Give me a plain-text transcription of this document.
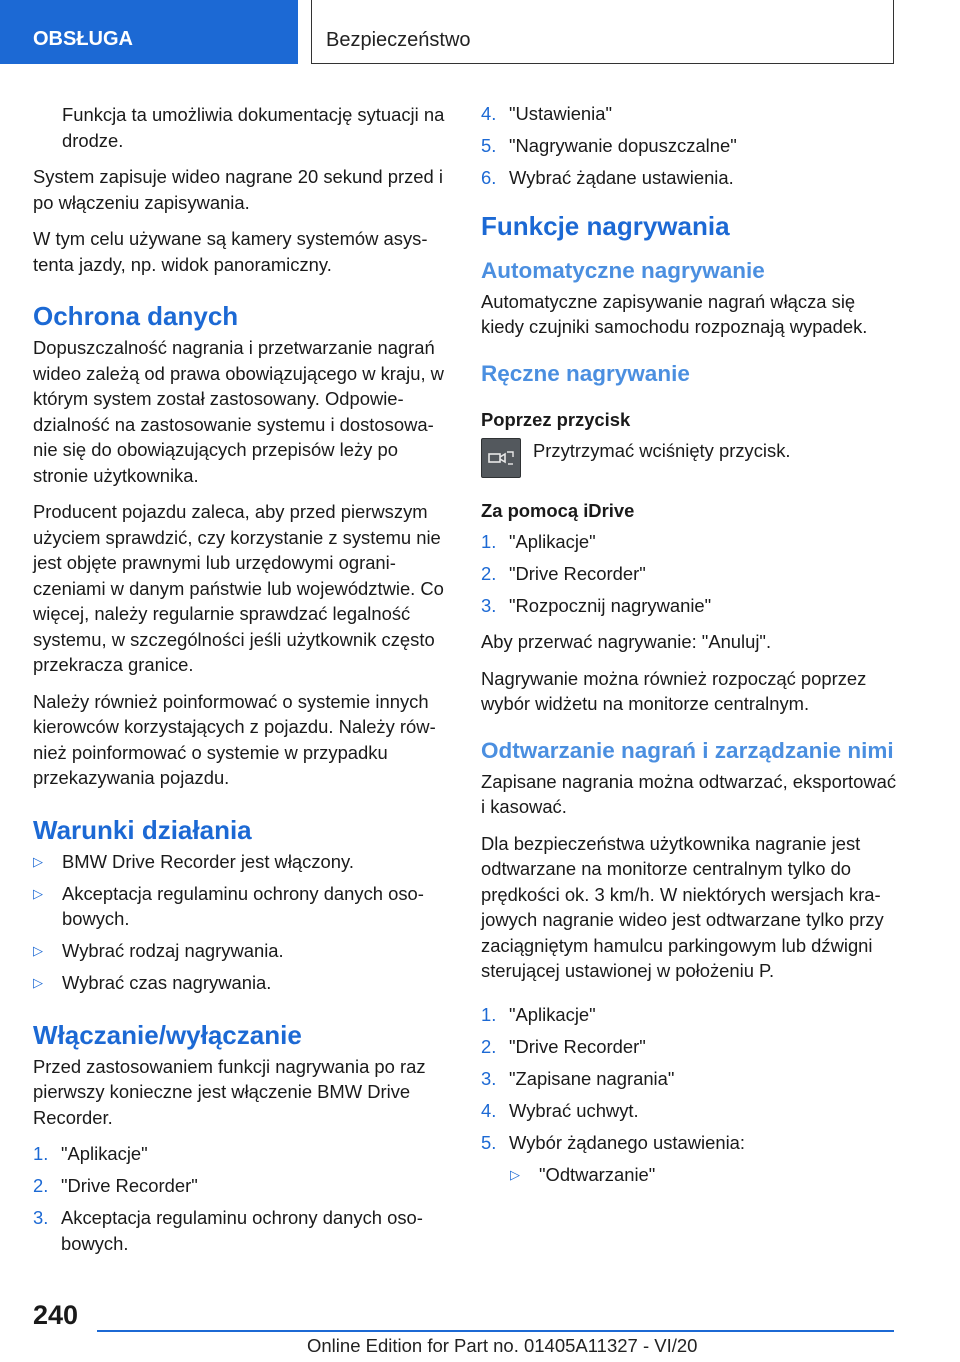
OBSŁUGA	Bezpieczeństwo

Funkcja ta umożliwia dokumentację sytuacji na drodze.

System zapisuje wideo nagrane 20 sekund przed i po włączeniu zapisywania.

W tym celu używane są kamery systemów asystenta jazdy, np. widok panoramiczny.

Ochrona danych

Dopuszczalność nagrania i przetwarzanie nagrań wideo zależą od prawa obowiązującego w kraju, w którym system został zastosowany. Odpowiedzialność na zastosowanie systemu i dostosowanie się do obowiązujących przepisów leży po stronie użytkownika.

Producent pojazdu zaleca, aby przed pierwszym użyciem sprawdzić, czy korzystanie z systemu nie jest objęte prawnymi lub urzędowymi ograniczeniami w danym państwie lub województwie. Co więcej, należy regularnie sprawdzać legalność systemu, w szczególności jeśli użytkownik często przekracza granice.

Należy również poinformować o systemie innych kierowców korzystających z pojazdu. Należy również poinformować o systemie w przypadku przekazywania pojazdu.

Warunki działania
▷	BMW Drive Recorder jest włączony.
▷	Akceptacja regulaminu ochrony danych osobowych.
▷	Wybrać rodzaj nagrywania.
▷	Wybrać czas nagrywania.
Włączanie/wyłączanie

Przed zastosowaniem funkcji nagrywania po raz pierwszy konieczne jest włączenie BMW Drive Recorder.

1. "Aplikacje"
2. "Drive Recorder"
3. Akceptacja regulaminu ochrony danych osobowych.
4. "Ustawienia"
5. "Nagrywanie dopuszczalne"
6. Wybrać żądane ustawienia.
Funkcje nagrywania
Automatyczne nagrywanie

Automatyczne zapisywanie nagrań włącza się kiedy czujniki samochodu rozpoznają wypadek.

Ręczne nagrywanie
Poprzez przycisk
Przytrzymać wciśnięty przycisk.
Za pomocą iDrive
1. "Aplikacje"
2. "Drive Recorder"
3. "Rozpocznij nagrywanie"

Aby przerwać nagrywanie: "Anuluj".

Nagrywanie można również rozpocząć poprzez wybór widżetu na monitorze centralnym.

Odtwarzanie nagrań i zarządzanie nimi

Zapisane nagrania można odtwarzać, eksportować i kasować.

Dla bezpieczeństwa użytkownika nagranie jest odtwarzane na monitorze centralnym tylko do prędkości ok. 3 km/h. W niektórych wersjach krajowych nagranie wideo jest odtwarzane tylko przy zaciągniętym hamulcu parkingowym lub dźwigni sterującej ustawionej w położeniu P.

1. "Aplikacje"
2. "Drive Recorder"
3. "Zapisane nagrania"
4. Wybrać uchwyt.
5. Wybór żądanego ustawienia:
▷	"Odtwarzanie"
240
Online Edition for Part no. 01405A11327 - VI/20
